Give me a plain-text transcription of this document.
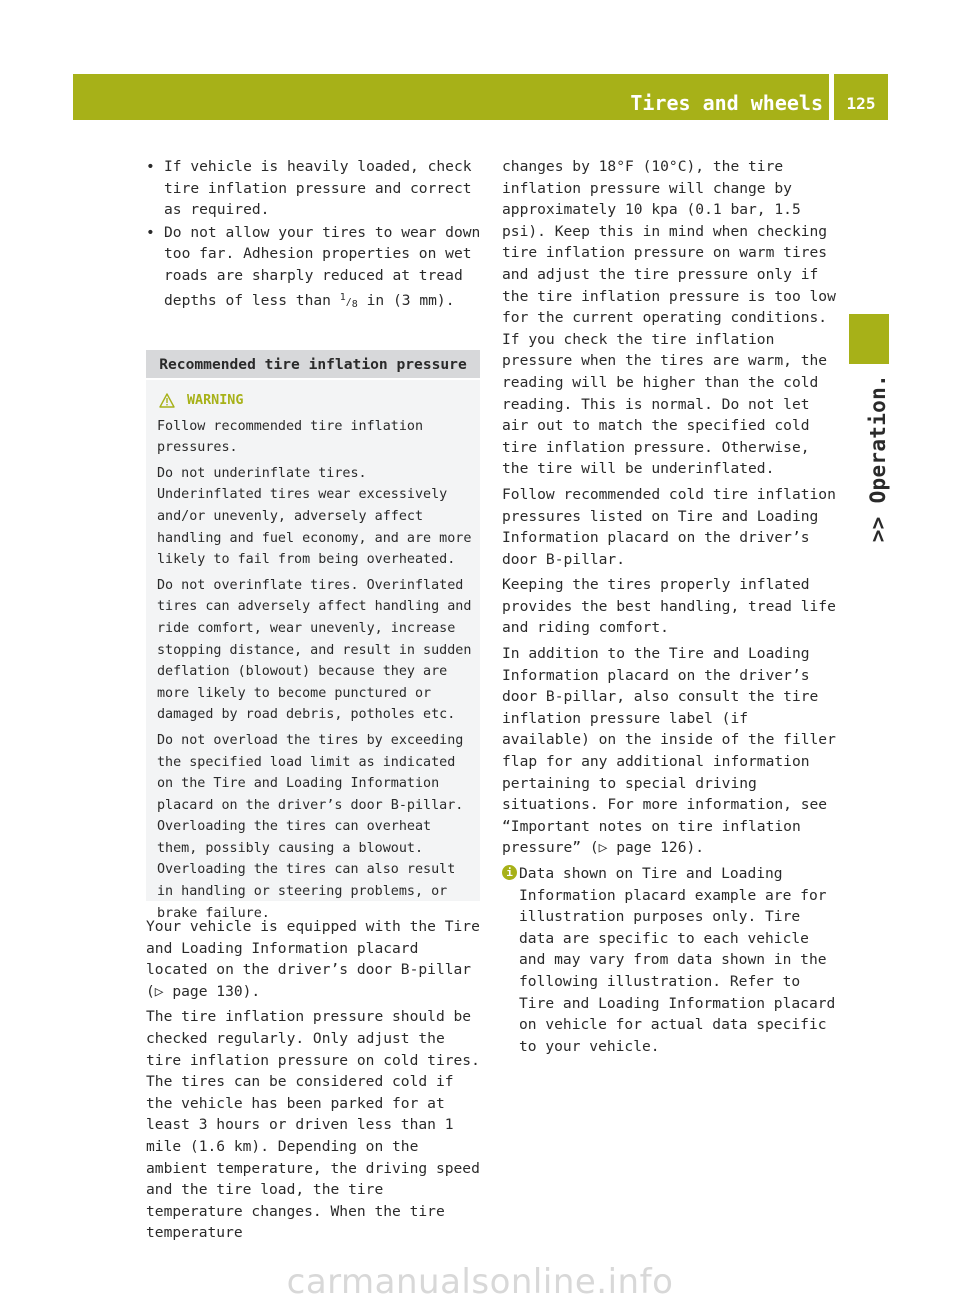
Tires and wheels	125
>> Operation.
• If vehicle is heavily loaded, check tire inflation pressure and correct as required.
• Do not allow your tires to wear down too far. Adhesion properties on wet roads are sharply reduced at tread depths of less than $^1/_8$ in (3 mm).
Recommended tire inflation pressure
WARNING

Follow recommended tire inflation pressures.

Do not underinflate tires. Underinflated tires wear excessively and/or unevenly, adversely affect handling and fuel economy, and are more likely to fail from being overheated.

Do not overinflate tires. Overinflated tires can adversely affect handling and ride comfort, wear unevenly, increase stopping distance, and result in sudden deflation (blowout) because they are more likely to become punctured or damaged by road debris, potholes etc.

Do not overload the tires by exceeding the specified load limit as indicated on the Tire and Loading Information placard on the driver’s door B-pillar. Overloading the tires can overheat them, possibly causing a blowout. Overloading the tires can also result in handling or steering problems, or brake failure.

Your vehicle is equipped with the Tire and Loading Information placard located on the driver’s door B-pillar (▷ page 130).

The tire inflation pressure should be checked regularly. Only adjust the tire inflation pressure on cold tires. The tires can be considered cold if the vehicle has been parked for at least 3 hours or driven less than 1 mile (1.6 km). Depending on the ambient temperature, the driving speed and the tire load, the tire temperature changes. When the tire temperature

changes by 18°F (10°C), the tire inflation pressure will change by approximately 10 kpa (0.1 bar, 1.5 psi). Keep this in mind when checking tire inflation pressure on warm tires and adjust the tire pressure only if the tire inflation pressure is too low for the current operating conditions. If you check the tire inflation pressure when the tires are warm, the reading will be higher than the cold reading. This is normal. Do not let air out to match the specified cold tire inflation pressure. Otherwise, the tire will be underinflated.

Follow recommended cold tire inflation pressures listed on Tire and Loading Information placard on the driver’s door B-pillar.

Keeping the tires properly inflated provides the best handling, tread life and riding comfort.

In addition to the Tire and Loading Information placard on the driver’s door B-pillar, also consult the tire inflation pressure label (if available) on the inside of the filler flap for any additional information pertaining to special driving situations. For more information, see “Important notes on tire inflation pressure” (▷ page 126).

i Data shown on Tire and Loading Information placard example are for illustration purposes only. Tire data are specific to each vehicle and may vary from data shown in the following illustration. Refer to Tire and Loading Information placard on vehicle for actual data specific to your vehicle.

carmanualsonline.info
